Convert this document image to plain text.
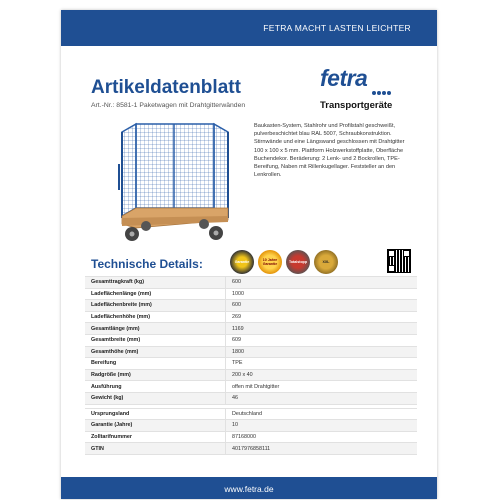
FETRA MACHT LASTEN LEICHTER
Artikeldatenblatt
Art.-Nr.: 8581-1 Paketwagen mit Drahtgitterwänden
fetra
Transportgeräte
Baukasten-System, Stahlrohr und Profilstahl geschweißt, pulverbeschichtet blau RAL 5007, Schraubkonstruktion. Stirnwände und eine Längswand geschlossen mit Drahtgitter 100 x 100 x 5 mm. Plattform Holzwerkstoffplatte, Oberfläche Buchendekor. Beräderung: 2 Lenk- und 2 Bockrollen, TPE-Bereifung, Naben mit Rillenkugellager. Feststeller an den Lenkrollen.
Technische Details:	Garantie
10 Jahre Garantie
Totalstopp	XXL
Gesamttragkraft (kg)	600
Ladeflächenlänge (mm)	1000
Ladeflächenbreite (mm)	600
Ladeflächenhöhe (mm)	269
Gesamtlänge (mm)	1169
Gesamtbreite (mm)	609
Gesamthöhe (mm)	1800
Bereifung	TPE
Radgröße (mm)	200 x 40
Ausführung	offen mit Drahtgitter
Gewicht (kg)	46

Ursprungsland	Deutschland
Garantie (Jahre)	10
Zolltarifnummer	87168000
GTIN	4017976858111
www.fetra.de
